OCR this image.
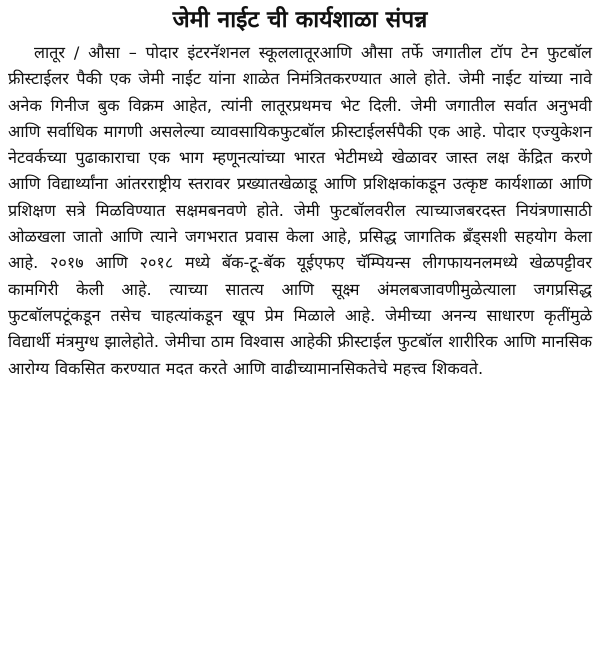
जेमी नाईट ची कार्यशाळा संपन्न

लातूर / औसा – पोदार इंटरनॅशनल स्कूललातूरआणि औसा तर्फे जगातील टॉप टेन फुटबॉल फ्रीस्टाईलर पैकी एक जेमी नाईट यांना शाळेत निमंत्रितकरण्यात आले होते. जेमी नाईट यांच्या नावे अनेक गिनीज बुक विक्रम आहेत, त्यांनी लातूरप्रथमच भेट दिली. जेमी जगातील सर्वात अनुभवी आणि सर्वाधिक मागणी असलेल्या व्यावसायिकफुटबॉल फ्रीस्टाईलर्सपैकी एक आहे. पोदार एज्युकेशन नेटवर्कच्या पुढाकाराचा एक भाग म्हणूनत्यांच्या भारत भेटीमध्ये खेळावर जास्त लक्ष केंद्रित करणे आणि विद्यार्थ्यांना आंतरराष्ट्रीय स्तरावर प्रख्यातखेळाडू आणि प्रशिक्षकांकडून उत्कृष्ट कार्यशाळा आणि प्रशिक्षण सत्रे मिळविण्यात सक्षमबनवणे होते. जेमी फुटबॉलवरील त्याच्याजबरदस्त नियंत्रणासाठी ओळखला जातो आणि त्याने जगभरात प्रवास केला आहे, प्रसिद्ध जागतिक ब्रॅंड्सशी सहयोग केला आहे. २०१७ आणि २०१८ मध्ये बॅक-टू-बॅक यूईएफए चॅम्पियन्स लीगफायनलमध्ये खेळपट्टीवर कामगिरी केली आहे. त्याच्या सातत्य आणि सूक्ष्म अंमलबजावणीमुळेत्याला जगप्रसिद्ध फुटबॉलपटूंकडून तसेच चाहत्यांकडून खूप प्रेम मिळाले आहे. जेमीच्या अनन्य साधारण कृतींमुळे विद्यार्थी मंत्रमुग्ध झालेहोते. जेमीचा ठाम विश्वास आहेकी फ्रीस्टाईल फुटबॉल शारीरिक आणि मानसिक आरोग्य विकसित करण्यात मदत करते आणि वाढीच्यामानसिकतेचे महत्त्व शिकवते.
